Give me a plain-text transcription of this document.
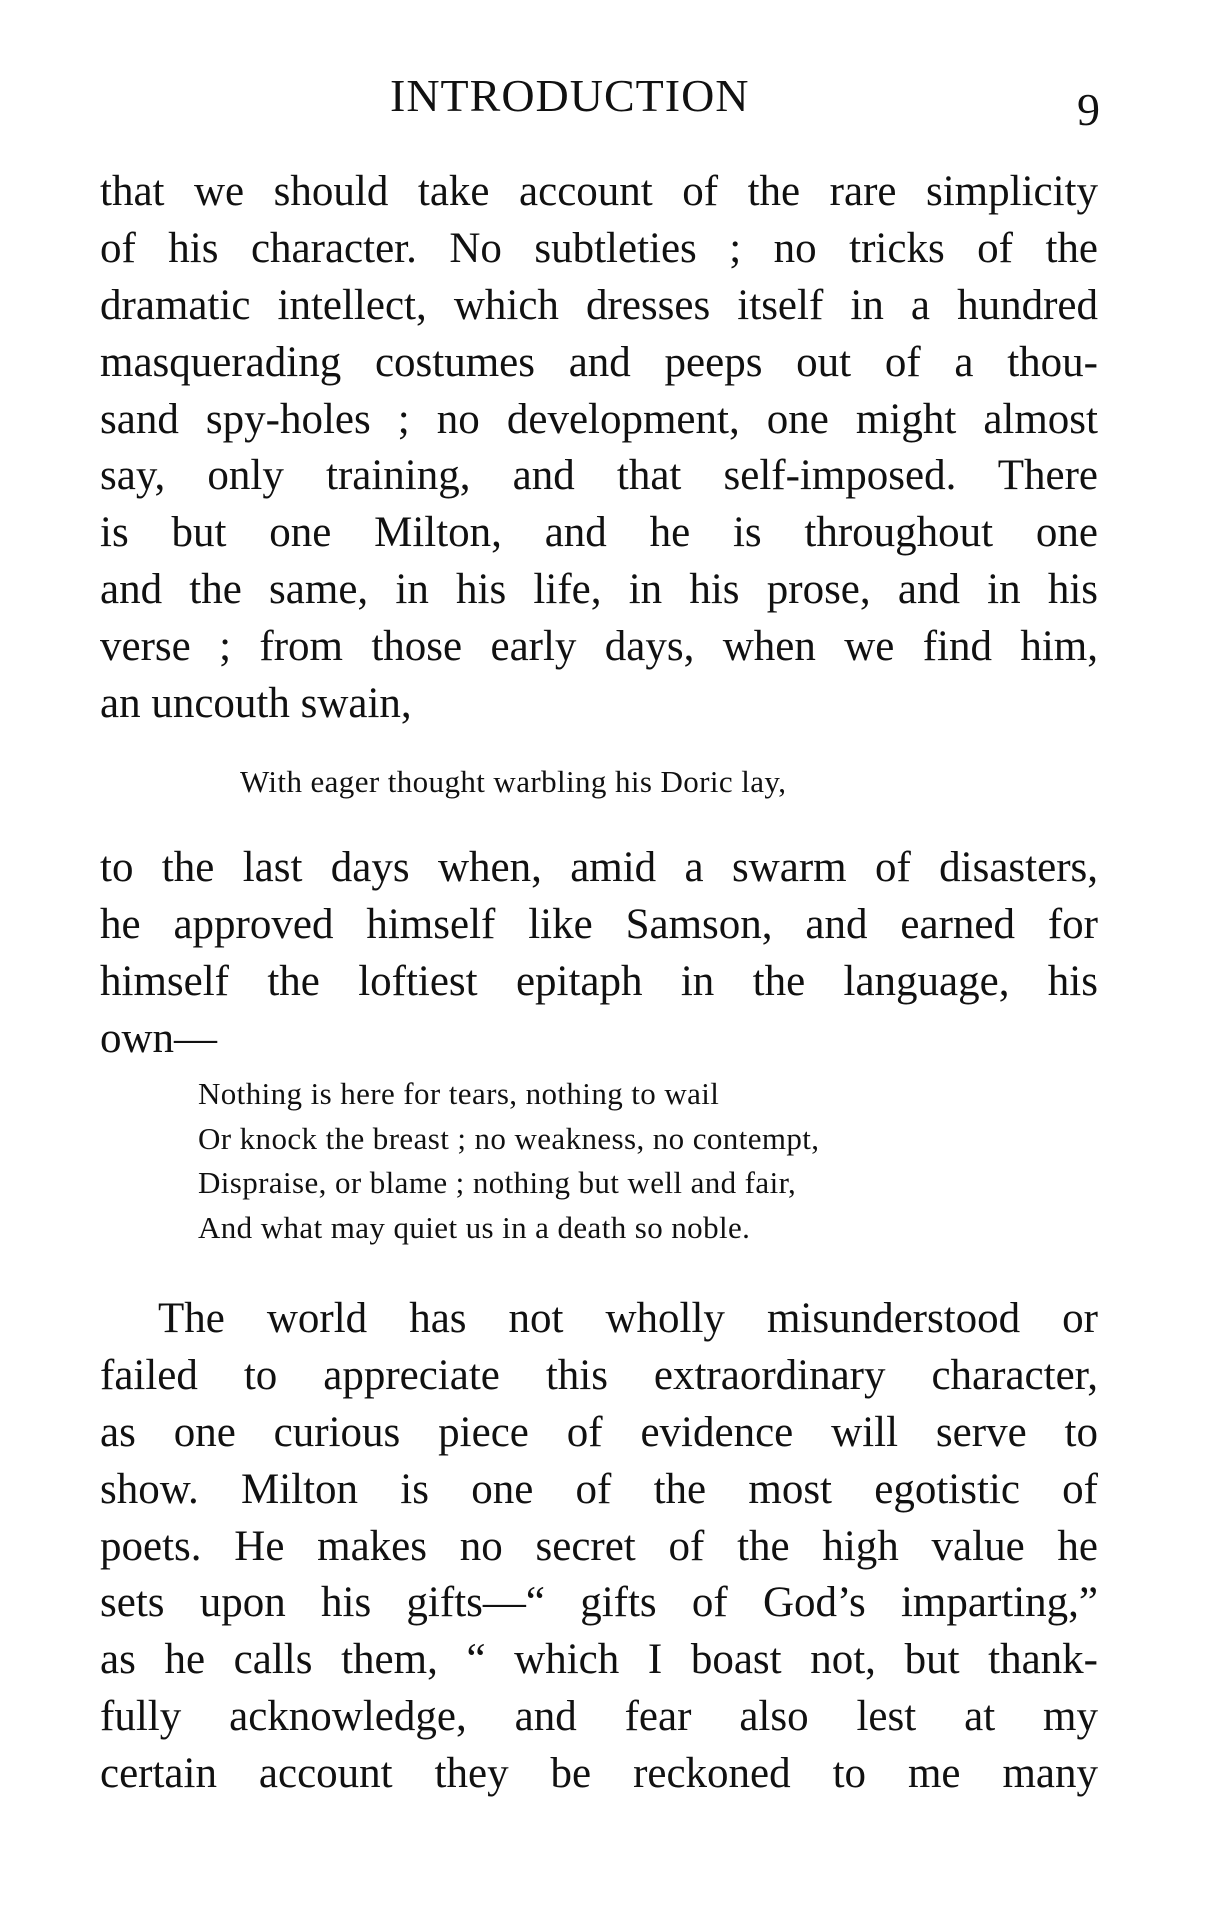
INTRODUCTION	9
that we should take account of the rare simplicity
of his character. No subtleties ; no tricks of the
dramatic intellect, which dresses itself in a hundred
masquerading costumes and peeps out of a thou-
sand spy-holes ; no development, one might almost
say, only training, and that self-imposed. There
is but one Milton, and he is throughout one
and the same, in his life, in his prose, and in his
verse ; from those early days, when we find him,
an uncouth swain,
With eager thought warbling his Doric lay,
to the last days when, amid a swarm of disasters,
he approved himself like Samson, and earned for
himself the loftiest epitaph in the language, his
own—
Nothing is here for tears, nothing to wail
Or knock the breast ; no weakness, no contempt,
Dispraise, or blame ; nothing but well and fair,
And what may quiet us in a death so noble.
The world has not wholly misunderstood or
failed to appreciate this extraordinary character,
as one curious piece of evidence will serve to
show. Milton is one of the most egotistic of
poets. He makes no secret of the high value he
sets upon his gifts—“ gifts of God’s imparting,”
as he calls them, “ which I boast not, but thank-
fully acknowledge, and fear also lest at my
certain account they be reckoned to me many
